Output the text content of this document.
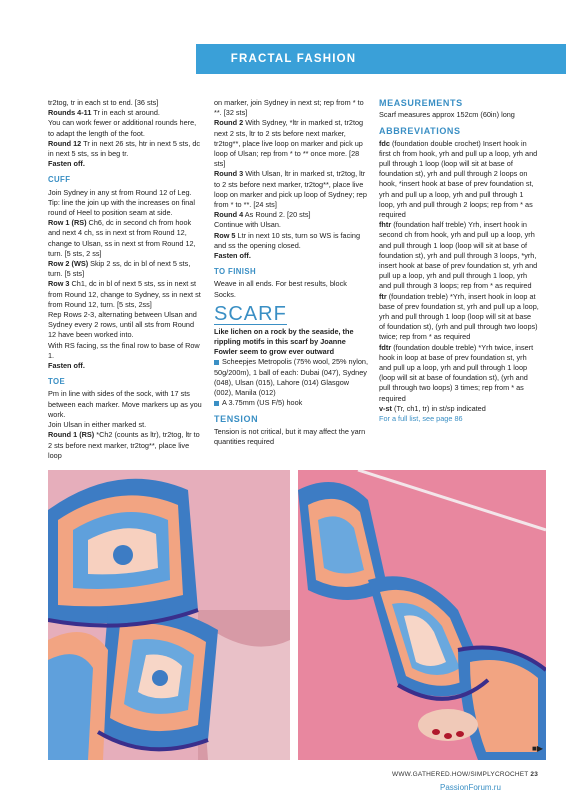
FRACTAL FASHION COLLECTION

tr2tog, tr in each st to end. [36 sts]

Rounds 4-11 Tr in each st around.

You can work fewer or additional rounds here, to adapt the length of the foot.

Round 12 Tr in next 26 sts, htr in next 5 sts, dc in next 5 sts, ss in beg tr.

Fasten off.

CUFF

Join Sydney in any st from Round 12 of Leg. Tip: line the join up with the increases on final round of Heel to position seam at side.

Row 1 (RS) Ch6, dc in second ch from hook and next 4 ch, ss in next st from Round 12, change to Ulsan, ss in next st from Round 12, turn. [5 sts, 2 ss]

Row 2 (WS) Skip 2 ss, dc in bl of next 5 sts, turn. [5 sts]

Row 3 Ch1, dc in bl of next 5 sts, ss in next st from Round 12, change to Sydney, ss in next st from Round 12, turn. [5 sts, 2ss]

Rep Rows 2-3, alternating between Ulsan and Sydney every 2 rows, until all sts from Round 12 have been worked into.

With RS facing, ss the final row to base of Row 1.

Fasten off.

TOE

Pm in line with sides of the sock, with 17 sts between each marker. Move markers up as you work.

Join Ulsan in either marked st.

Round 1 (RS) *Ch2 (counts as ltr), tr2tog, ltr to 2 sts before next marker, tr2tog**, place live loop

on marker, join Sydney in next st; rep from * to **. [32 sts]

Round 2 With Sydney, *ltr in marked st, tr2tog next 2 sts, ltr to 2 sts before next marker, tr2tog**, place live loop on marker and pick up loop of Ulsan; rep from * to ** once more. [28 sts]

Round 3 With Ulsan, ltr in marked st, tr2tog, ltr to 2 sts before next marker, tr2tog**, place live loop on marker and pick up loop of Sydney; rep from * to **. [24 sts]

Round 4 As Round 2. [20 sts]

Continue with Ulsan.

Row 5 Ltr in next 10 sts, turn so WS is facing and ss the opening closed.

Fasten off.

TO FINISH

Weave in all ends. For best results, block Socks.

SCARF

Like lichen on a rock by the seaside, the rippling motifs in this scarf by Joanne Fowler seem to grow ever outward

Scheepjes Metropolis (75% wool, 25% nylon, 50g/200m), 1 ball of each: Dubai (047), Sydney (048), Ulsan (015), Lahore (014) Glasgow (002), Manila (012)

A 3.75mm (US F/5) hook

TENSION

Tension is not critical, but it may affect the yarn quantities required

MEASUREMENTS

Scarf measures approx 152cm (60in) long

ABBREVIATIONS

fdc (foundation double crochet) Insert hook in first ch from hook, yrh and pull up a loop, yrh and pull through 1 loop (loop will sit at base of foundation st), yrh and pull through 2 loops on hook, *insert hook at base of prev foundation st, yrh and pull up a loop, yrh and pull through 1 loop, yrh and pull through 2 loops; rep from * as required

fhtr (foundation half treble) Yrh, insert hook in second ch from hook, yrh and pull up a loop, yrh and pull through 1 loop (loop will sit at base of foundation st), yrh and pull through 3 loops, *yrh, insert hook at base of prev foundation st, yrh and pull up a loop, yrh and pull through 1 loop, yrh and pull through 3 loops; rep from * as required

ftr (foundation treble) *Yrh, insert hook in loop at base of prev foundation st, yrh and pull up a loop, yrh and pull through 1 loop (loop will sit at base of foundation st), (yrh and pull through two loops) twice; rep from * as required

fdtr (foundation double treble) *Yrh twice, insert hook in loop at base of prev foundation st, yrh and pull up a loop, yrh and pull through 1 loop (loop will sit at base of foundation st), (yrh and pull through two loops) 3 times; rep from * as required

v-st (Tr, ch1, tr) in st/sp indicated

For a full list, see page 86

■▶
WWW.GATHERED.HOW/SIMPLYCROCHET 23
PassionForum.ru
